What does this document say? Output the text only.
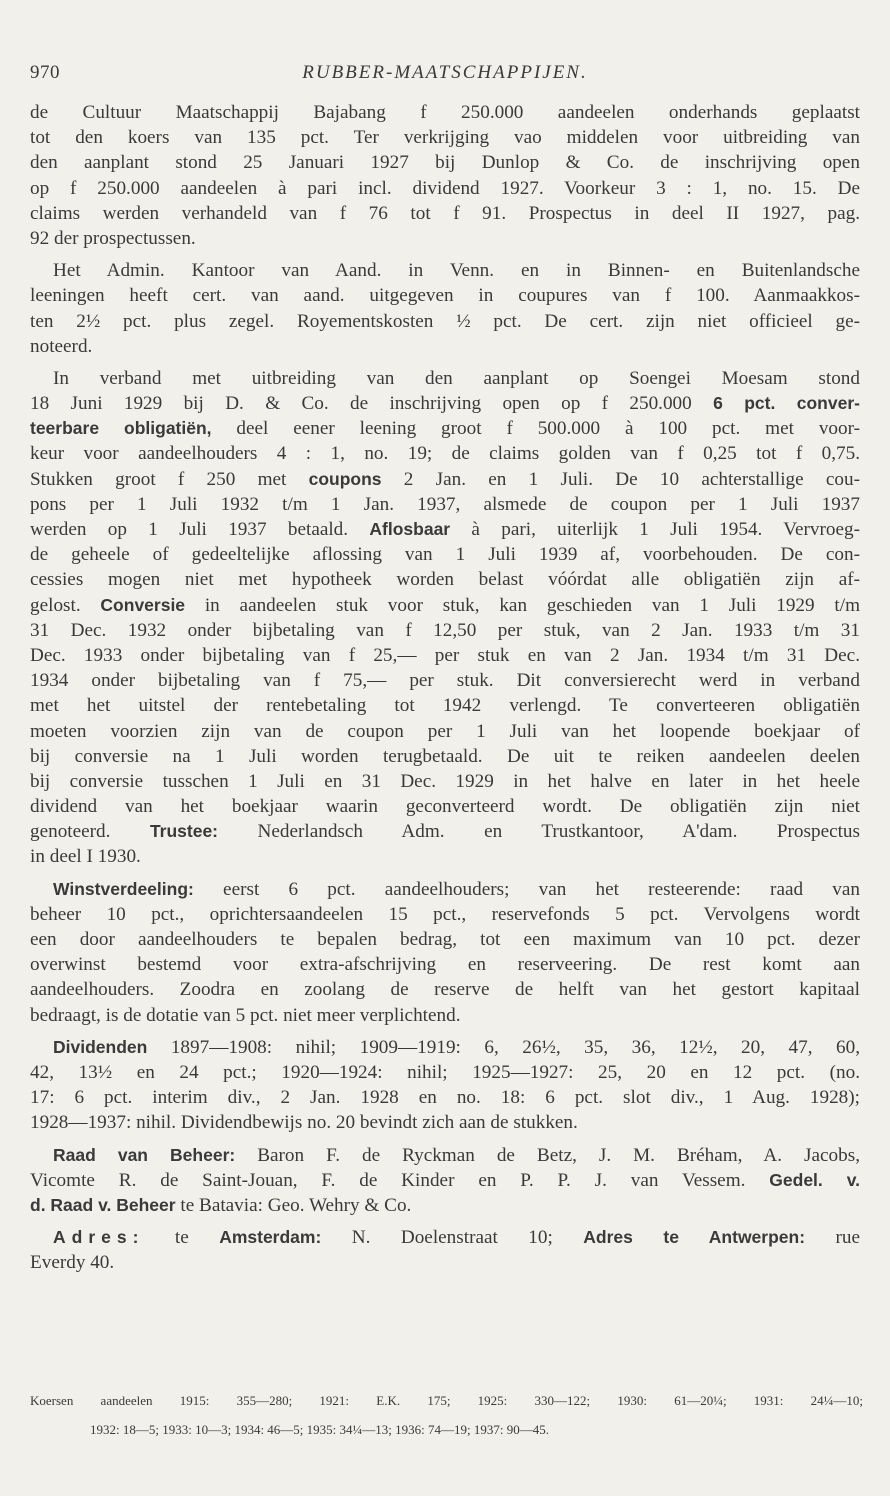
970	RUBBER-MAATSCHAPPIJEN.
de Cultuur Maatschappij Bajabang f 250.000 aandeelen onderhands geplaatst
tot den koers van 135 pct. Ter verkrijging vao middelen voor uitbreiding van
den aanplant stond 25 Januari 1927 bij Dunlop & Co. de inschrijving open
op f 250.000 aandeelen à pari incl. dividend 1927. Voorkeur 3 : 1, no. 15. De
claims werden verhandeld van f 76 tot f 91. Prospectus in deel II 1927, pag.
92 der prospectussen.
Het Admin. Kantoor van Aand. in Venn. en in Binnen- en Buitenlandsche
leeningen heeft cert. van aand. uitgegeven in coupures van f 100. Aanmaakkos-
ten 2½ pct. plus zegel. Royementskosten ½ pct. De cert. zijn niet officieel ge-
noteerd.
In verband met uitbreiding van den aanplant op Soengei Moesam stond
18 Juni 1929 bij D. & Co. de inschrijving open op f 250.000 6 pct. conver-
teerbare obligatiën, deel eener leening groot f 500.000 à 100 pct. met voor-
keur voor aandeelhouders 4 : 1, no. 19; de claims golden van f 0,25 tot f 0,75.
Stukken groot f 250 met coupons 2 Jan. en 1 Juli. De 10 achterstallige cou-
pons per 1 Juli 1932 t/m 1 Jan. 1937, alsmede de coupon per 1 Juli 1937
werden op 1 Juli 1937 betaald. Aflosbaar à pari, uiterlijk 1 Juli 1954. Vervroeg-
de geheele of gedeeltelijke aflossing van 1 Juli 1939 af, voorbehouden. De con-
cessies mogen niet met hypotheek worden belast vóórdat alle obligatiën zijn af-
gelost. Conversie in aandeelen stuk voor stuk, kan geschieden van 1 Juli 1929 t/m
31 Dec. 1932 onder bijbetaling van f 12,50 per stuk, van 2 Jan. 1933 t/m 31
Dec. 1933 onder bijbetaling van f 25,— per stuk en van 2 Jan. 1934 t/m 31 Dec.
1934 onder bijbetaling van f 75,— per stuk. Dit conversierecht werd in verband
met het uitstel der rentebetaling tot 1942 verlengd. Te converteeren obligatiën
moeten voorzien zijn van de coupon per 1 Juli van het loopende boekjaar of
bij conversie na 1 Juli worden terugbetaald. De uit te reiken aandeelen deelen
bij conversie tusschen 1 Juli en 31 Dec. 1929 in het halve en later in het heele
dividend van het boekjaar waarin geconverteerd wordt. De obligatiën zijn niet
genoteerd. Trustee: Nederlandsch Adm. en Trustkantoor, A'dam. Prospectus
in deel I 1930.
Winstverdeeling: eerst 6 pct. aandeelhouders; van het resteerende: raad van
beheer 10 pct., oprichtersaandeelen 15 pct., reservefonds 5 pct. Vervolgens wordt
een door aandeelhouders te bepalen bedrag, tot een maximum van 10 pct. dezer
overwinst bestemd voor extra-afschrijving en reserveering. De rest komt aan
aandeelhouders. Zoodra en zoolang de reserve de helft van het gestort kapitaal
bedraagt, is de dotatie van 5 pct. niet meer verplichtend.
Dividenden 1897—1908: nihil; 1909—1919: 6, 26½, 35, 36, 12½, 20, 47, 60,
42, 13½ en 24 pct.; 1920—1924: nihil; 1925—1927: 25, 20 en 12 pct. (no.
17: 6 pct. interim div., 2 Jan. 1928 en no. 18: 6 pct. slot div., 1 Aug. 1928);
1928—1937: nihil. Dividendbewijs no. 20 bevindt zich aan de stukken.
Raad van Beheer: Baron F. de Ryckman de Betz, J. M. Bréham, A. Jacobs,
Vicomte R. de Saint-Jouan, F. de Kinder en P. P. J. van Vessem. Gedel. v.
d. Raad v. Beheer te Batavia: Geo. Wehry & Co.
Adres: te Amsterdam: N. Doelenstraat 10; Adres te Antwerpen: rue
Everdy 40.
Koersen aandeelen 1915: 355—280; 1921: E.K. 175; 1925: 330—122; 1930: 61—20¼; 1931: 24¼—10;
1932: 18—5; 1933: 10—3; 1934: 46—5; 1935: 34¼—13; 1936: 74—19; 1937: 90—45.
